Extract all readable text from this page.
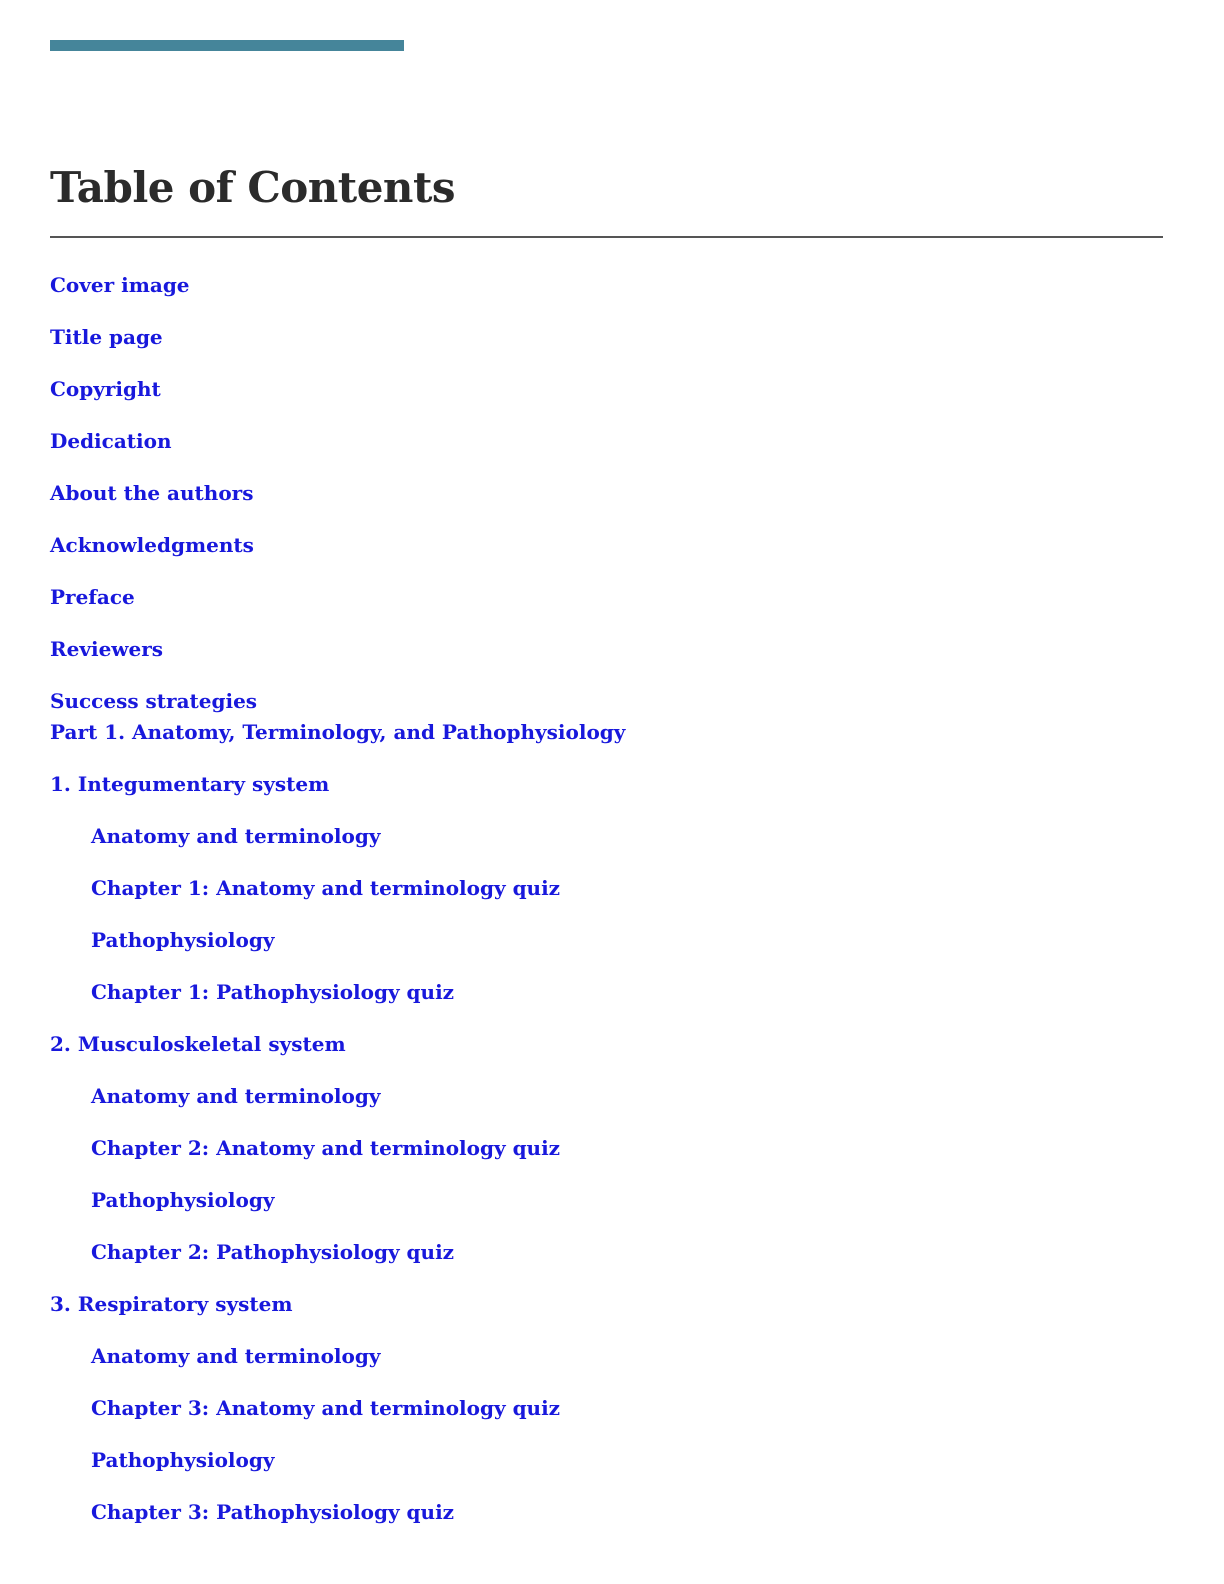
Table of Contents
Cover image
Title page
Copyright
Dedication
About the authors
Acknowledgments
Preface
Reviewers
Success strategies
Part 1. Anatomy, Terminology, and Pathophysiology
1. Integumentary system
Anatomy and terminology
Chapter 1: Anatomy and terminology quiz
Pathophysiology
Chapter 1: Pathophysiology quiz
2. Musculoskeletal system
Anatomy and terminology
Chapter 2: Anatomy and terminology quiz
Pathophysiology
Chapter 2: Pathophysiology quiz
3. Respiratory system
Anatomy and terminology
Chapter 3: Anatomy and terminology quiz
Pathophysiology
Chapter 3: Pathophysiology quiz
